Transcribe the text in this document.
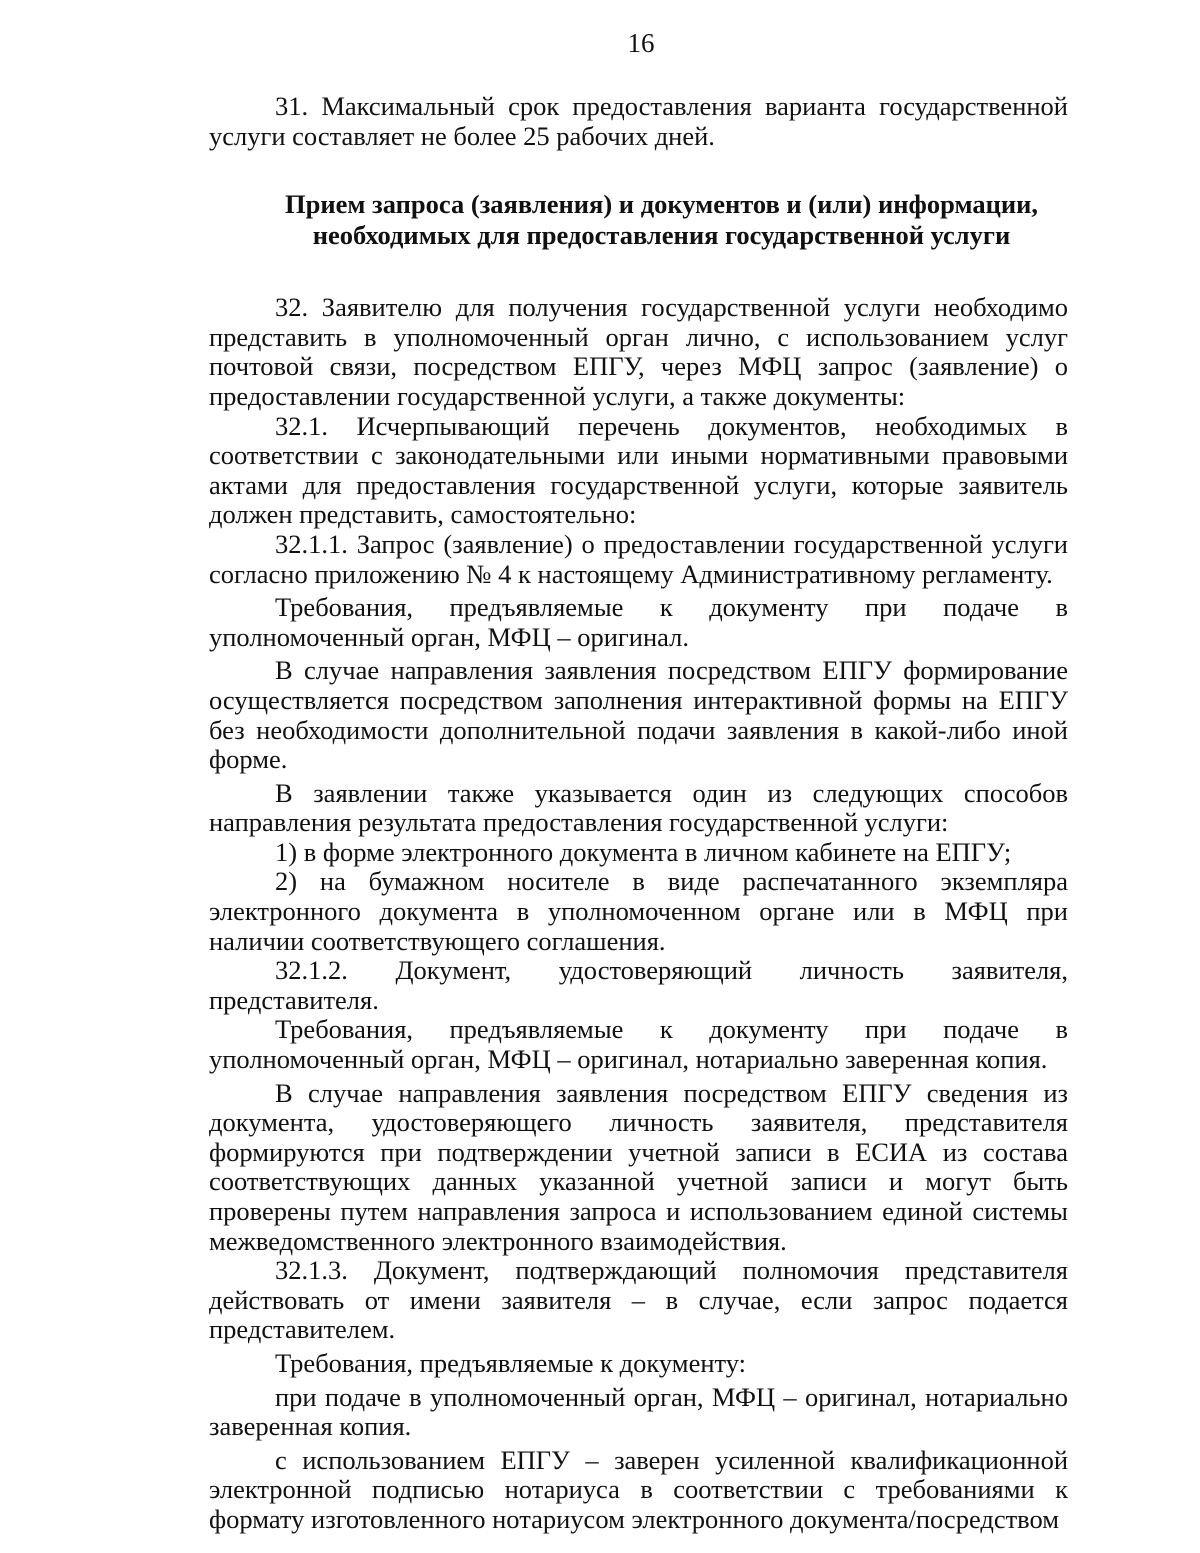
16

31. Максимальный срок предоставления варианта государственной услуги составляет не более 25 рабочих дней.

Прием запроса (заявления) и документов и (или) информации,
необходимых для предоставления государственной услуги

32. Заявителю для получения государственной услуги необходимо представить в уполномоченный орган лично, с использованием услуг почтовой связи, посредством ЕПГУ, через МФЦ запрос (заявление) о предоставлении государственной услуги, а также документы:

32.1. Исчерпывающий перечень документов, необходимых в соответствии с законодательными или иными нормативными правовыми актами для предоставления государственной услуги, которые заявитель должен представить, самостоятельно:

32.1.1. Запрос (заявление) о предоставлении государственной услуги согласно приложению № 4 к настоящему Административному регламенту.

Требования, предъявляемые к документу при подаче в уполномоченный орган, МФЦ – оригинал.

В случае направления заявления посредством ЕПГУ формирование осуществляется посредством заполнения интерактивной формы на ЕПГУ без необходимости дополнительной подачи заявления в какой-либо иной форме.

В заявлении также указывается один из следующих способов направления результата предоставления государственной услуги:

1) в форме электронного документа в личном кабинете на ЕПГУ;

2) на бумажном носителе в виде распечатанного экземпляра электронного документа в уполномоченном органе или в МФЦ при наличии соответствующего соглашения.

32.1.2. Документ, удостоверяющий личность заявителя, представителя.

Требования, предъявляемые к документу при подаче в уполномоченный орган, МФЦ – оригинал, нотариально заверенная копия.

В случае направления заявления посредством ЕПГУ сведения из документа, удостоверяющего личность заявителя, представителя формируются при подтверждении учетной записи в ЕСИА из состава соответствующих данных указанной учетной записи и могут быть проверены путем направления запроса и использованием единой системы межведомственного электронного взаимодействия.

32.1.3. Документ, подтверждающий полномочия представителя действовать от имени заявителя – в случае, если запрос подается представителем.

Требования, предъявляемые к документу:

при подаче в уполномоченный орган, МФЦ – оригинал, нотариально заверенная копия.

с использованием ЕПГУ – заверен усиленной квалификационной электронной подписью нотариуса в соответствии с требованиями к формату изготовленного нотариусом электронного документа/посредством
